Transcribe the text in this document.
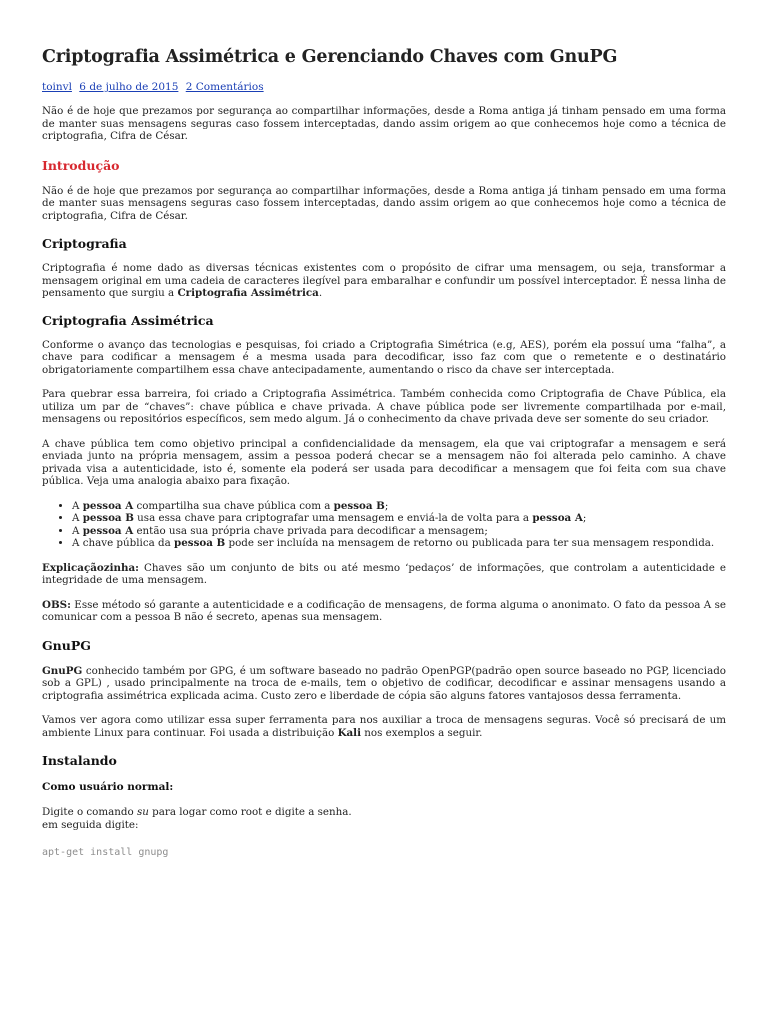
Criptografia Assimétrica e Gerenciando Chaves com GnuPG
toinvl 6 de julho de 2015 2 Comentários

Não é de hoje que prezamos por segurança ao compartilhar informações, desde a Roma antiga já tinham pensado em uma forma de manter suas mensagens seguras caso fossem interceptadas, dando assim origem ao que conhecemos hoje como a técnica de criptografia, Cifra de César.

Introdução

Não é de hoje que prezamos por segurança ao compartilhar informações, desde a Roma antiga já tinham pensado em uma forma de manter suas mensagens seguras caso fossem interceptadas, dando assim origem ao que conhecemos hoje como a técnica de criptografia, Cifra de César.

Criptografia

Criptografia é nome dado as diversas técnicas existentes com o propósito de cifrar uma mensagem, ou seja, transformar a mensagem original em uma cadeia de caracteres ilegível para embaralhar e confundir um possível interceptador. É nessa linha de pensamento que surgiu a Criptografia Assimétrica.

Criptografia Assimétrica

Conforme o avanço das tecnologias e pesquisas, foi criado a Criptografia Simétrica (e.g, AES), porém ela possuí uma “falha”, a chave para codificar a mensagem é a mesma usada para decodificar, isso faz com que o remetente e o destinatário obrigatoriamente compartilhem essa chave antecipadamente, aumentando o risco da chave ser interceptada.

Para quebrar essa barreira, foi criado a Criptografia Assimétrica. Também conhecida como Criptografia de Chave Pública, ela utiliza um par de “chaves”: chave pública e chave privada. A chave pública pode ser livremente compartilhada por e-mail, mensagens ou repositórios específicos, sem medo algum. Já o conhecimento da chave privada deve ser somente do seu criador.

A chave pública tem como objetivo principal a confidencialidade da mensagem, ela que vai criptografar a mensagem e será enviada junto na própria mensagem, assim a pessoa poderá checar se a mensagem não foi alterada pelo caminho. A chave privada visa a autenticidade, isto é, somente ela poderá ser usada para decodificar a mensagem que foi feita com sua chave pública. Veja uma analogia abaixo para fixação.

• A pessoa A compartilha sua chave pública com a pessoa B;
• A pessoa B usa essa chave para criptografar uma mensagem e enviá-la de volta para a pessoa A;
• A pessoa A então usa sua própria chave privada para decodificar a mensagem;
• A chave pública da pessoa B pode ser incluída na mensagem de retorno ou publicada para ter sua mensagem respondida.

Explicaçãozinha: Chaves são um conjunto de bits ou até mesmo ‘pedaços’ de informações, que controlam a autenticidade e integridade de uma mensagem.

OBS: Esse método só garante a autenticidade e a codificação de mensagens, de forma alguma o anonimato. O fato da pessoa A se comunicar com a pessoa B não é secreto, apenas sua mensagem.

GnuPG

GnuPG conhecido também por GPG, é um software baseado no padrão OpenPGP(padrão open source baseado no PGP, licenciado sob a GPL) , usado principalmente na troca de e-mails, tem o objetivo de codificar, decodificar e assinar mensagens usando a criptografia assimétrica explicada acima. Custo zero e liberdade de cópia são alguns fatores vantajosos dessa ferramenta.

Vamos ver agora como utilizar essa super ferramenta para nos auxiliar a troca de mensagens seguras. Você só precisará de um ambiente Linux para continuar. Foi usada a distribuição Kali nos exemplos a seguir.

Instalando
Como usuário normal:

Digite o comando su para logar como root e digite a senha.
em seguida digite:

apt-get install gnupg
